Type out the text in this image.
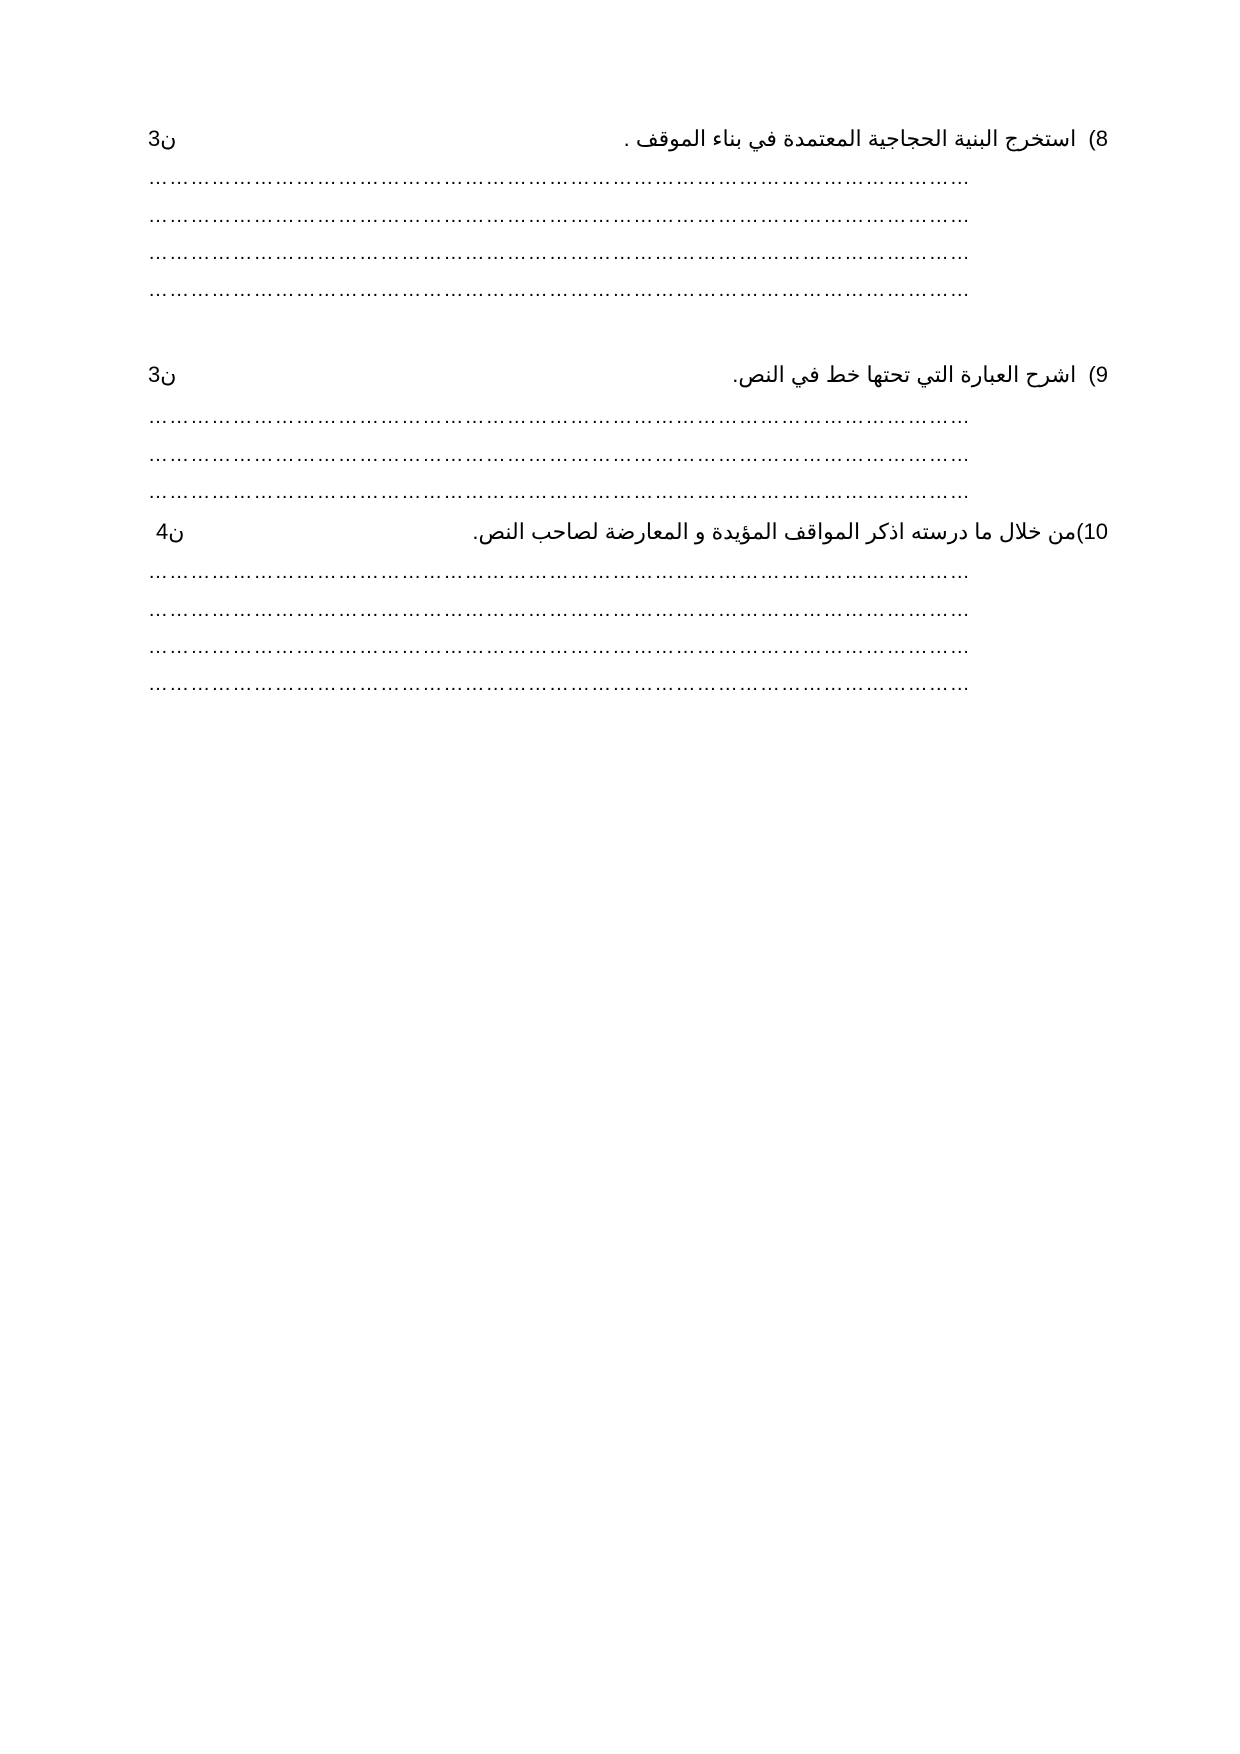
8)  استخرج البنية الحجاجية المعتمدة في بناء الموقف .
ن3
………………………………………………………………………………………………………
………………………………………………………………………………………………………
………………………………………………………………………………………………………
………………………………………………………………………………………………………
9)  اشرح العبارة التي تحتها خط في النص.
ن3
………………………………………………………………………………………………………
………………………………………………………………………………………………………
………………………………………………………………………………………………………
10)من خلال ما درسته اذكر المواقف المؤيدة و المعارضة لصاحب النص.
ن4
………………………………………………………………………………………………………
………………………………………………………………………………………………………
………………………………………………………………………………………………………
………………………………………………………………………………………………………
